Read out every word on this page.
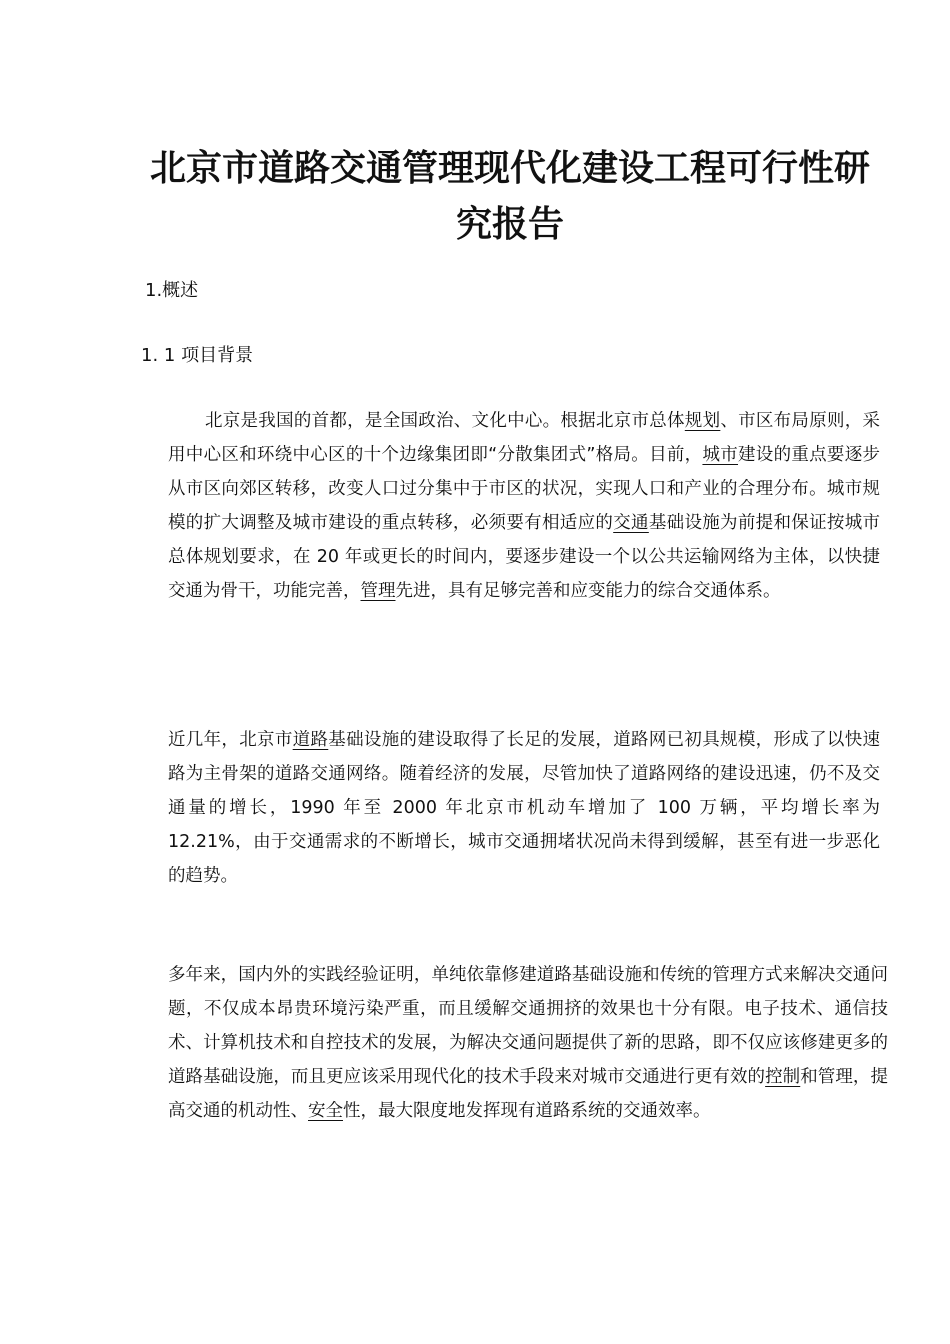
北京市道路交通管理现代化建设工程可行性研究报告

1.概述

1. 1 项目背景

北京是我国的首都，是全国政治、文化中心。根据北京市总体规划、市区布局原则，采用中心区和环绕中心区的十个边缘集团即“分散集团式”格局。目前，城市建设的重点要逐步从市区向郊区转移，改变人口过分集中于市区的状况，实现人口和产业的合理分布。城市规模的扩大调整及城市建设的重点转移，必须要有相适应的交通基础设施为前提和保证按城市总体规划要求，在 20 年或更长的时间内，要逐步建设一个以公共运输网络为主体，以快捷交通为骨干，功能完善，管理先进，具有足够完善和应变能力的综合交通体系。

近几年，北京市道路基础设施的建设取得了长足的发展，道路网已初具规模，形成了以快速路为主骨架的道路交通网络。随着经济的发展，尽管加快了道路网络的建设迅速，仍不及交通量的增长，1990 年至 2000 年北京市机动车增加了 100 万辆，平均增长率为 12.21%，由于交通需求的不断增长，城市交通拥堵状况尚未得到缓解，甚至有进一步恶化的趋势。

多年来，国内外的实践经验证明，单纯依靠修建道路基础设施和传统的管理方式来解决交通问题，不仅成本昂贵环境污染严重，而且缓解交通拥挤的效果也十分有限。电子技术、通信技术、计算机技术和自控技术的发展，为解决交通问题提供了新的思路，即不仅应该修建更多的道路基础设施，而且更应该采用现代化的技术手段来对城市交通进行更有效的控制和管理，提高交通的机动性、安全性，最大限度地发挥现有道路系统的交通效率。
